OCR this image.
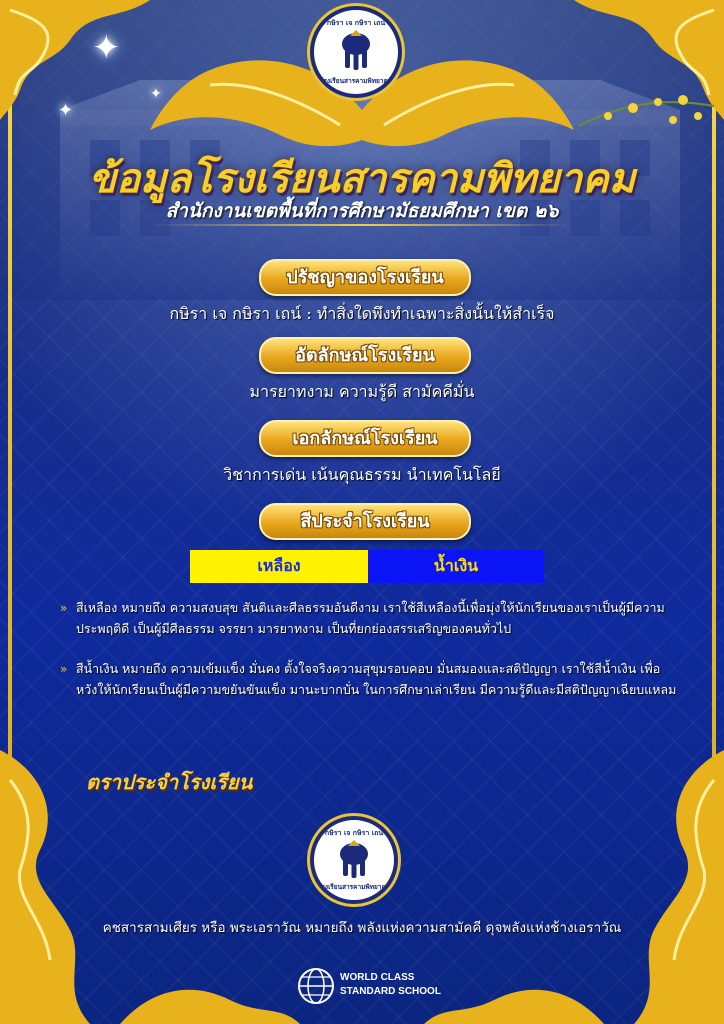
✦
✦
✦
กษิรา เจ กษิรา เถน์
โรงเรียนสารคามพิทยาคม
ข้อมูลโรงเรียนสารคามพิทยาคม
สำนักงานเขตพื้นที่การศึกษามัธยมศึกษา เขต ๒๖
ปรัชญาของโรงเรียน
กษิรา เจ กษิรา เถน์ : ทำสิ่งใดพึงทำเฉพาะสิ่งนั้นให้สำเร็จ
อัตลักษณ์โรงเรียน
มารยาทงาม ความรู้ดี สามัคคีมั่น
เอกลักษณ์โรงเรียน
วิชาการเด่น เน้นคุณธรรม นำเทคโนโลยี
สีประจำโรงเรียน
เหลือง	น้ำเงิน
» สีเหลือง หมายถึง ความสงบสุข สันติและศีลธรรมอันดีงาม เราใช้สีเหลืองนี้เพื่อมุ่งให้นักเรียนของเราเป็นผู้มีความประพฤติดี เป็นผู้มีศีลธรรม จรรยา มารยาทงาม เป็นที่ยกย่องสรรเสริญของคนทั่วไป
» สีน้ำเงิน หมายถึง ความเข้มแข็ง มั่นคง ตั้งใจจริงความสุขุมรอบคอบ มั่นสมองและสติปัญญา เราใช้สีน้ำเงิน เพื่อหวังให้นักเรียนเป็นผู้มีความขยันขันแข็ง มานะบากบั่น ในการศึกษาเล่าเรียน มีความรู้ดีและมีสติปัญญาเฉียบแหลม
ตราประจำโรงเรียน
กษิรา เจ กษิรา เถน์
โรงเรียนสารคามพิทยาคม
คชสารสามเศียร หรือ พระเอราวัณ หมายถึง พลังแห่งความสามัคคี ดุจพลังแห่งช้างเอราวัณ
WORLD CLASS
STANDARD SCHOOL
